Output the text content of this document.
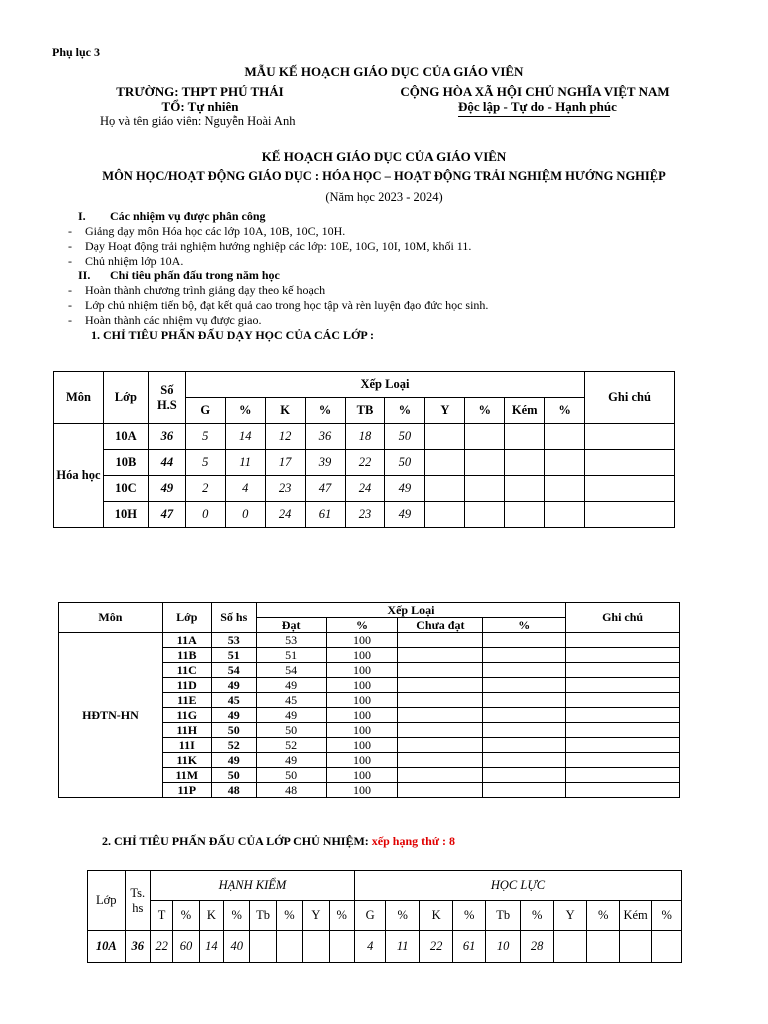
Phụ lục 3
MẪU KẾ HOẠCH GIÁO DỤC CỦA GIÁO VIÊN
TRƯỜNG: THPT PHÚ THÁI
TỔ: Tự nhiên
Họ và tên giáo viên: Nguyễn Hoài Anh
CỘNG HÒA XÃ HỘI CHỦ NGHĨA VIỆT NAM
Độc lập - Tự do - Hạnh phúc
KẾ HOẠCH GIÁO DỤC CỦA GIÁO VIÊN
MÔN HỌC/HOẠT ĐỘNG GIÁO DỤC : HÓA HỌC – HOẠT ĐỘNG TRẢI NGHIỆM HƯỚNG NGHIỆP
(Năm học 2023 - 2024)
I. Các nhiệm vụ được phân công
- Giảng dạy môn Hóa học các lớp 10A, 10B, 10C, 10H.
- Dạy Hoạt động trải nghiệm hướng nghiệp các lớp: 10E, 10G, 10I, 10M, khối 11.
- Chủ nhiệm lớp 10A.
II. Chỉ tiêu phấn đấu trong năm học
- Hoàn thành chương trình giảng dạy theo kế hoạch
- Lớp chủ nhiệm tiến bộ, đạt kết quả cao trong học tập và rèn luyện đạo đức học sinh.
- Hoàn thành các nhiệm vụ được giao.
1. CHỈ TIÊU PHẤN ĐẤU DẠY HỌC CỦA CÁC LỚP :
Môn	Lớp	Số H.S	Xếp Loại										Ghi chú
			G	%	K	%	TB	%	Y	%	Kém	%	
Hóa học	10A	36	5	14	12	36	18	50					
	10B	44	5	11	17	39	22	50					
	10C	49	2	4	23	47	24	49					
	10H	47	0	0	24	61	23	49					
Môn	Lớp	Số hs	Xếp Loại				Ghi chú
			Đạt	%	Chưa đạt	%	
HĐTN-HN	11A	53	53	100			
	11B	51	51	100			
	11C	54	54	100			
	11D	49	49	100			
	11E	45	45	100			
	11G	49	49	100			
	11H	50	50	100			
	11I	52	52	100			
	11K	49	49	100			
	11M	50	50	100			
	11P	48	48	100			
2. CHỈ TIÊU PHẤN ĐẤU CỦA LỚP CHỦ NHIỆM: xếp hạng thứ : 8
Lớp	Ts. hs	HẠNH KIỂM								HỌC LỰC									
		T	%	K	%	Tb	%	Y	%	G	%	K	%	Tb	%	Y	%	Kém	%
10A	36	22	60	14	40					4	11	22	61	10	28				
